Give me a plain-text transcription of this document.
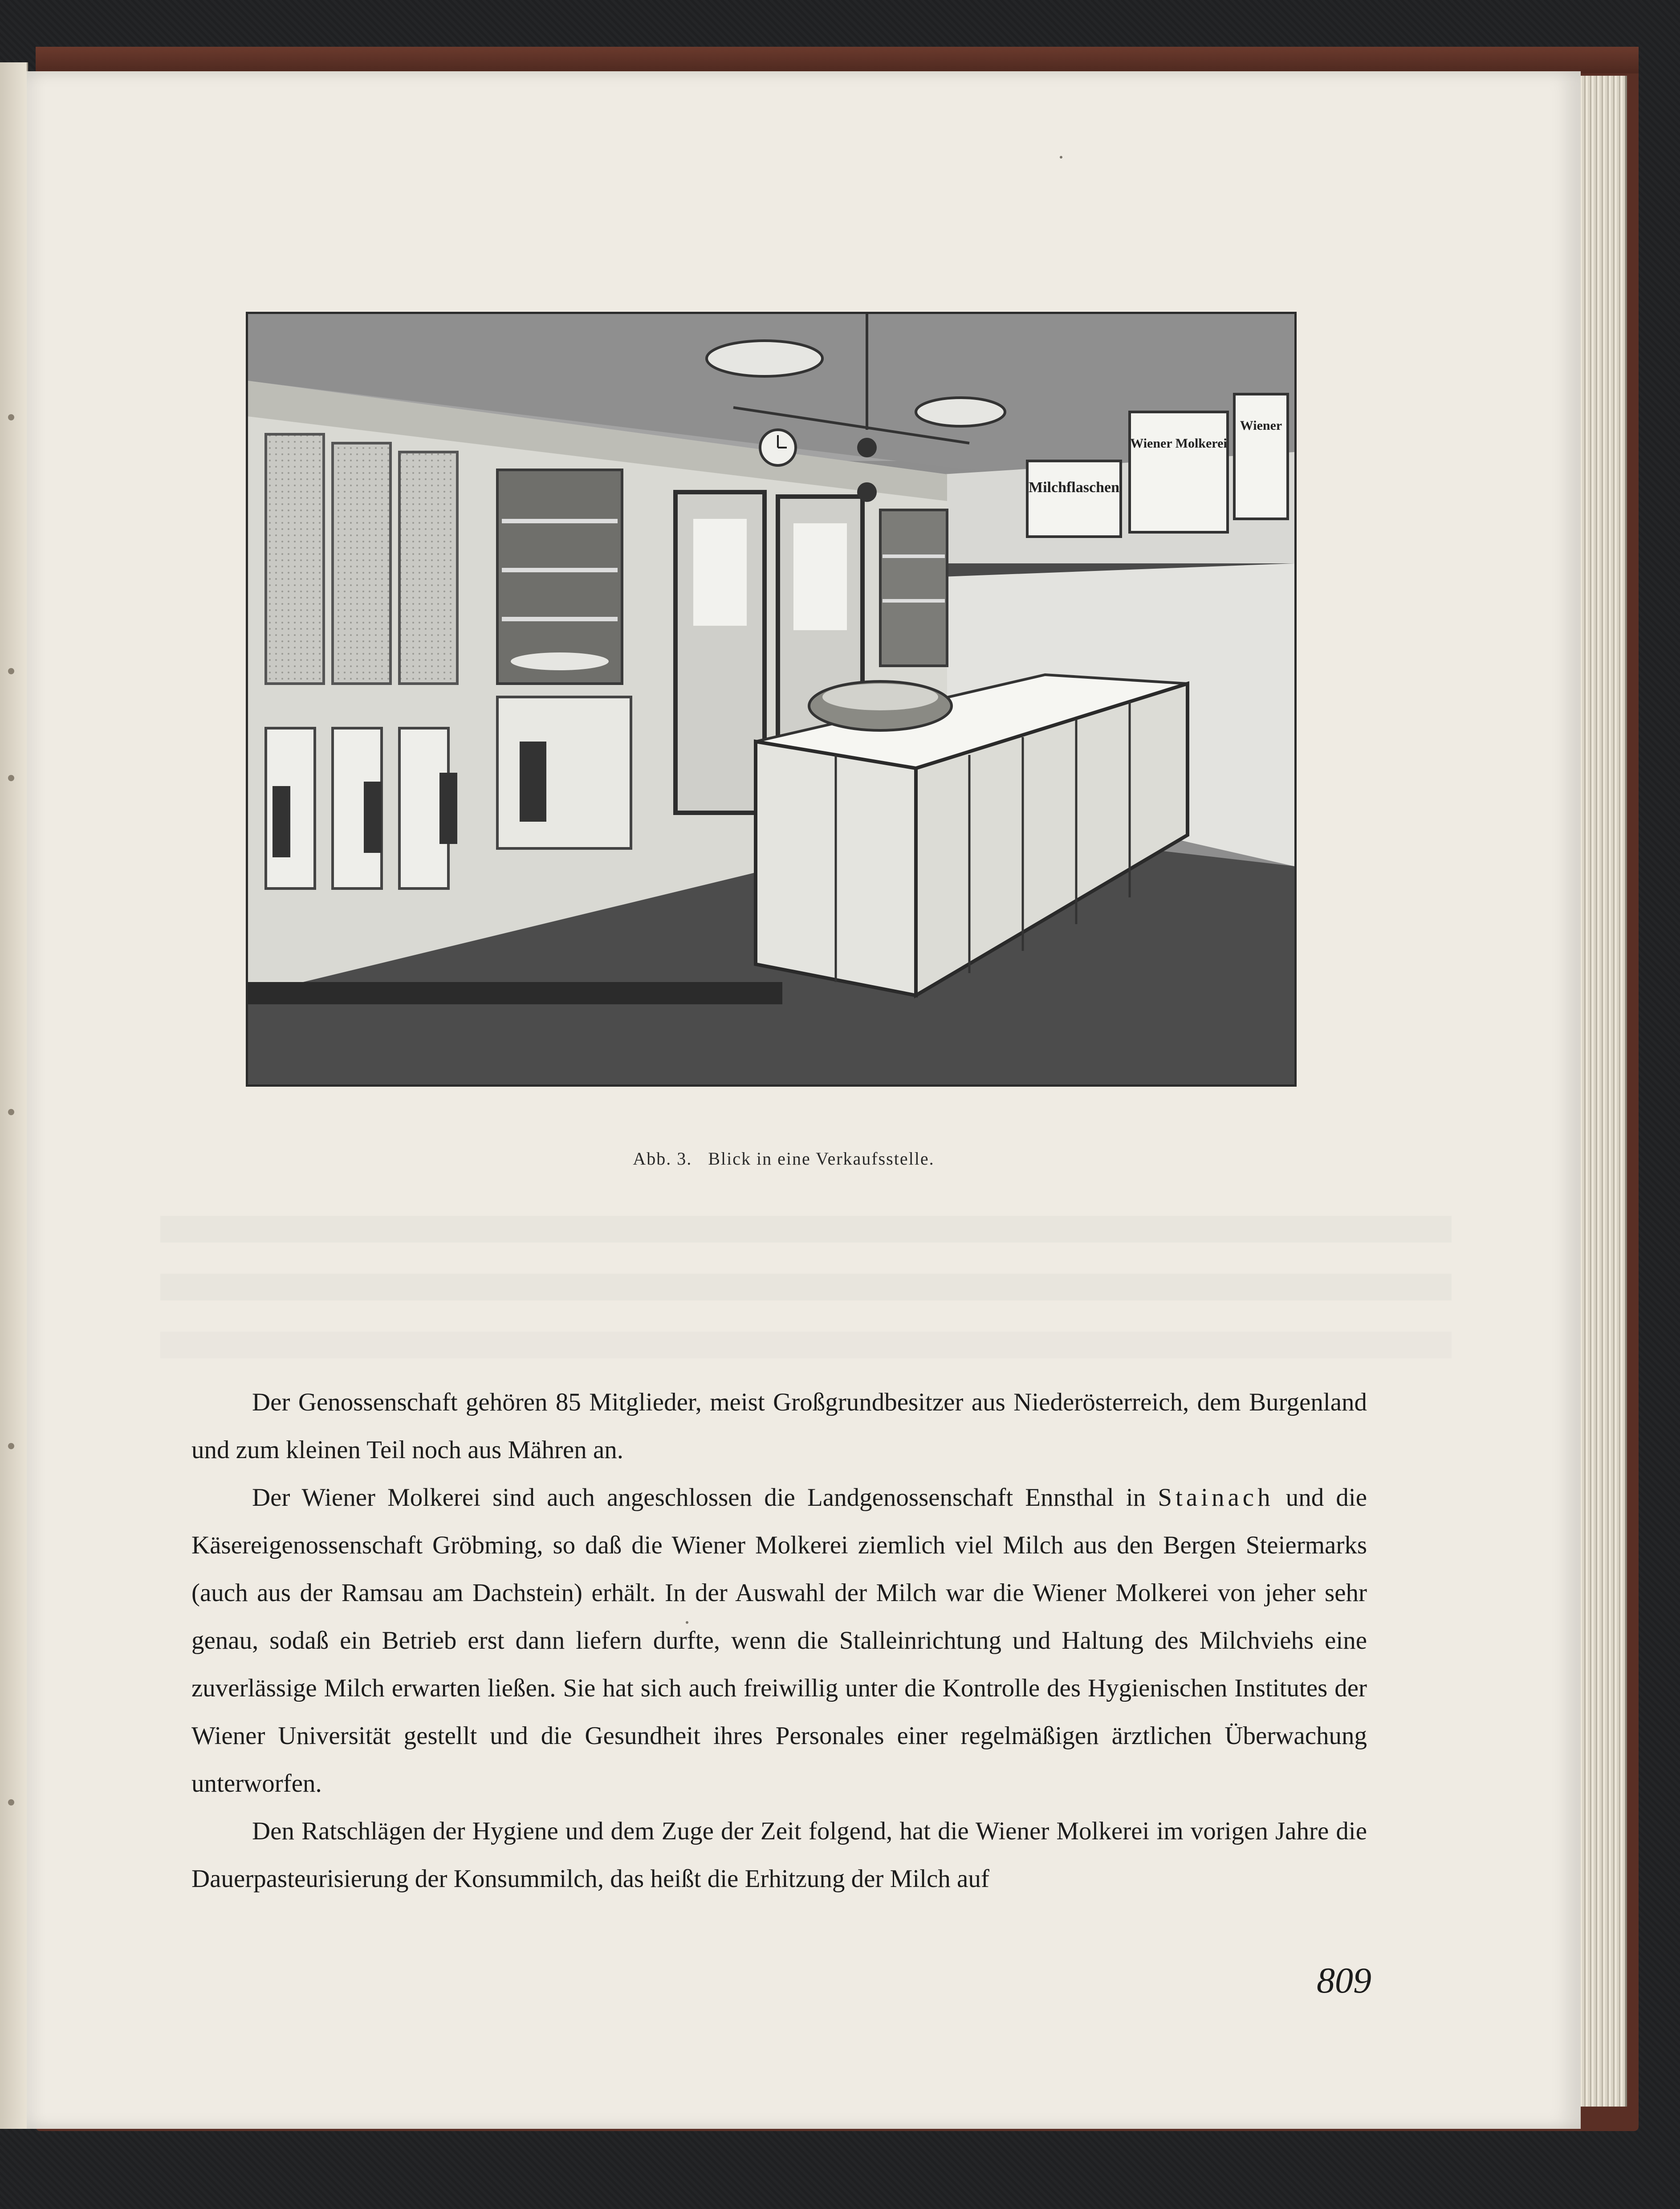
Milchflaschen
Wiener Molkerei
Wiener
Abb. 3. Blick in eine Verkaufsstelle.

Der Genossenschaft gehören 85 Mitglieder, meist Großgrundbesitzer aus Niederösterreich, dem Burgenland und zum kleinen Teil noch aus Mähren an.

Der Wiener Molkerei sind auch angeschlossen die Landgenossenschaft Ennsthal in Stainach und die Käsereigenossenschaft Gröbming, so daß die Wiener Molkerei ziemlich viel Milch aus den Bergen Steiermarks (auch aus der Ramsau am Dachstein) erhält. In der Auswahl der Milch war die Wiener Molkerei von jeher sehr genau, sodaß ein Betrieb erst dann liefern durfte, wenn die Stalleinrichtung und Haltung des Milchviehs eine zuverlässige Milch erwarten ließen. Sie hat sich auch freiwillig unter die Kontrolle des Hygienischen Institutes der Wiener Universität gestellt und die Gesundheit ihres Personales einer regelmäßigen ärztlichen Überwachung unterworfen.

Den Ratschlägen der Hygiene und dem Zuge der Zeit folgend, hat die Wiener Molkerei im vorigen Jahre die Dauerpasteurisierung der Konsummilch, das heißt die Erhitzung der Milch auf

809
